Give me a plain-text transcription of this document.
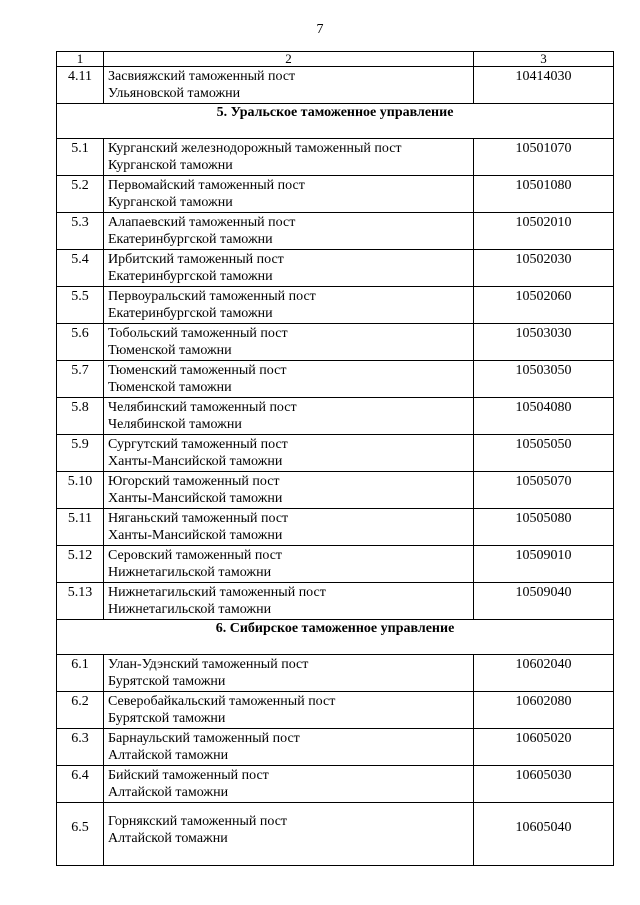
7
1	2	3
4.11	Засвияжский таможенный пост
Ульяновской таможни	10414030

5. Уральское таможенное управление		

5.1	Курганский железнодорожный таможенный пост
Курганской таможни	10501070
5.2	Первомайский таможенный пост
Курганской таможни	10501080
5.3	Алапаевский таможенный пост
Екатеринбургской таможни	10502010
5.4	Ирбитский таможенный пост
Екатеринбургской таможни	10502030
5.5	Первоуральский таможенный пост
Екатеринбургской таможни	10502060
5.6	Тобольский таможенный пост
Тюменской таможни	10503030
5.7	Тюменский таможенный пост
Тюменской таможни	10503050
5.8	Челябинский таможенный пост
Челябинской таможни	10504080
5.9	Сургутский таможенный пост
Ханты-Мансийской таможни	10505050
5.10	Югорский таможенный пост
Ханты-Мансийской таможни	10505070
5.11	Няганьский таможенный пост
Ханты-Мансийской таможни	10505080
5.12	Серовский таможенный пост
Нижнетагильской таможни	10509010
5.13	Нижнетагильский таможенный пост
Нижнетагильской таможни	10509040

6. Сибирское таможенное управление		

6.1	Улан-Удэнский таможенный пост
Бурятской таможни	10602040
6.2	Северобайкальский таможенный пост
Бурятской таможни	10602080
6.3	Барнаульский таможенный пост
Алтайской таможни	10605020
6.4	Бийский таможенный пост
Алтайской таможни	10605030
6.5	Горнякский таможенный пост
Алтайской томажни	10605040
